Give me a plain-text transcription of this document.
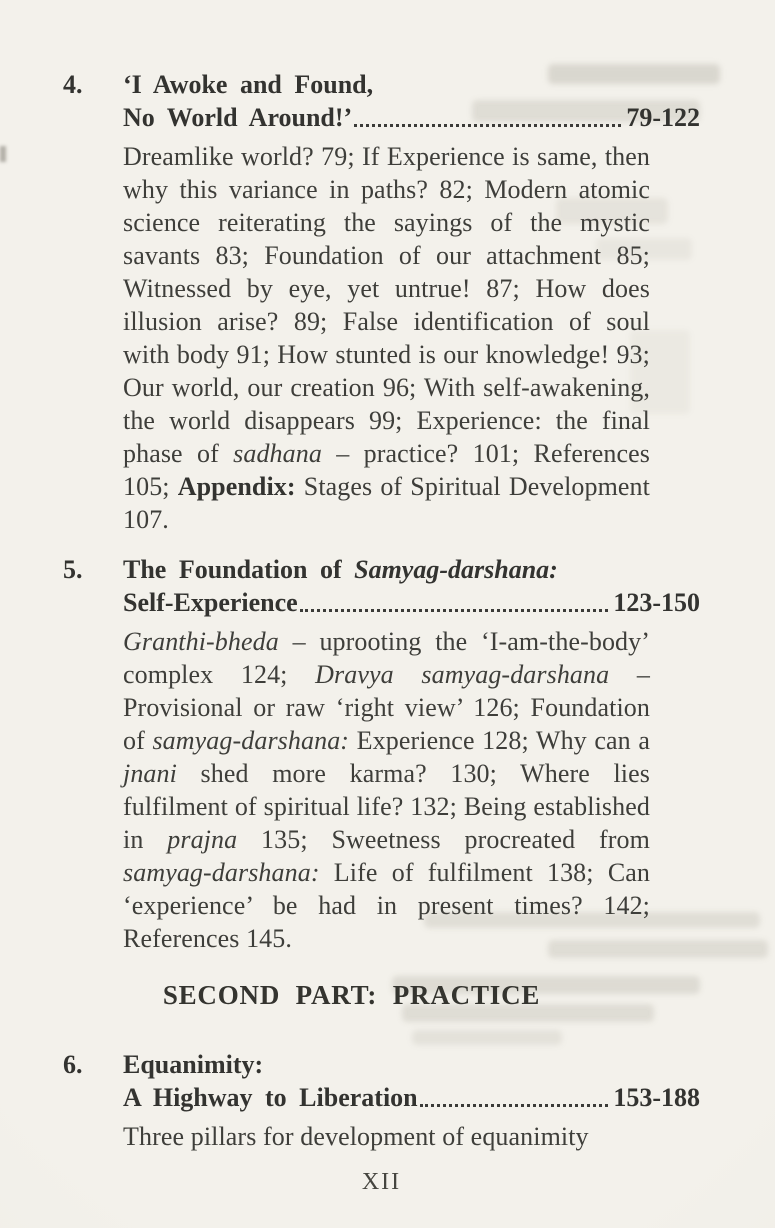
4.	‘I Awoke and Found,
No World Around!’	79-122

Dreamlike world? 79; If Experience is same, then why this variance in paths? 82; Modern atomic science reiterating the sayings of the mystic savants 83; Foundation of our attachment 85; Witnessed by eye, yet untrue! 87; How does illusion arise? 89; False identification of soul with body 91; How stunted is our knowledge! 93; Our world, our creation 96; With self-awakening, the world disappears 99; Experience: the final phase of sadhana – practice? 101; References 105; Appendix: Stages of Spiritual Development 107.

5.	The Foundation of Samyag-darshana:
Self-Experience	123-150

Granthi-bheda – uprooting the ‘I-am-the-body’ complex 124; Dravya samyag-darshana – Provisional or raw ‘right view’ 126; Foundation of samyag-darshana: Experience 128; Why can a jnani shed more karma? 130; Where lies fulfilment of spiritual life? 132; Being established in prajna 135; Sweetness procreated from samyag-darshana: Life of fulfilment 138; Can ‘experience’ be had in present times? 142; References 145.

SECOND PART: PRACTICE
6.	Equanimity:
A Highway to Liberation	153-188

Three pillars for development of equanimity

XII
